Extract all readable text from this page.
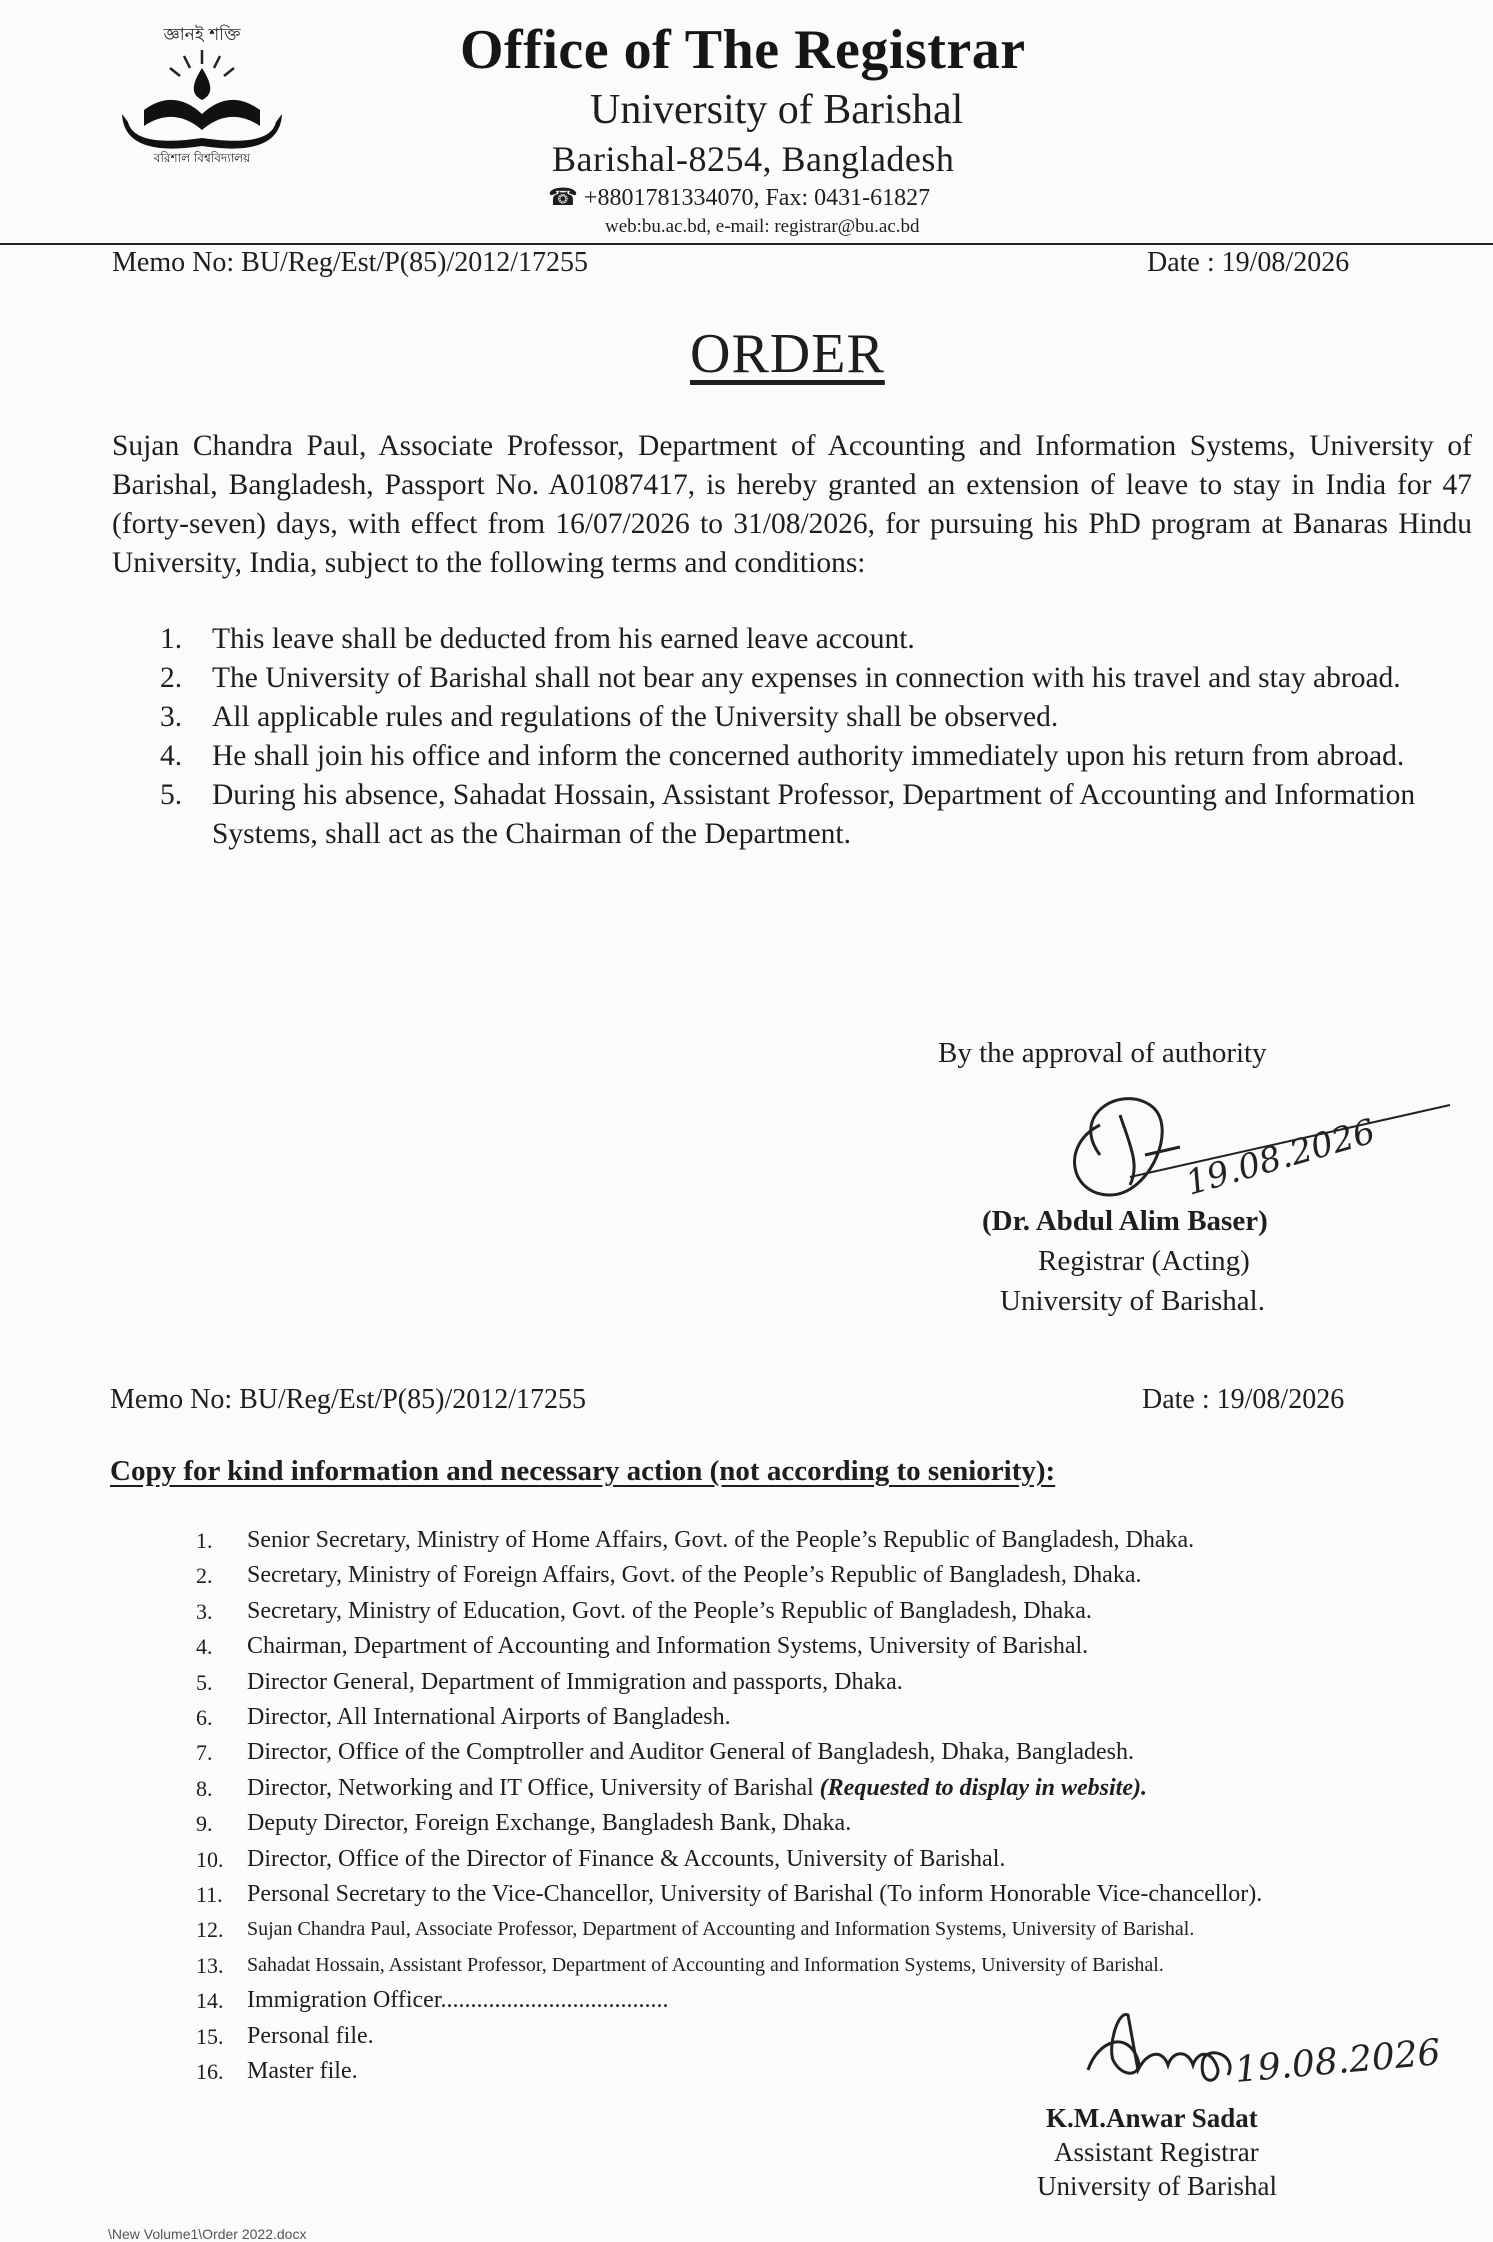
জ্ঞানই শক্তি
বরিশাল বিশ্ববিদ্যালয়
Office of The Registrar
University of Barishal
Barishal-8254, Bangladesh
☎ +8801781334070, Fax: 0431-61827
web:bu.ac.bd, e-mail: registrar@bu.ac.bd
Memo No: BU/Reg/Est/P(85)/2012/17255	Date : 19/08/2026
ORDER
Sujan Chandra Paul, Associate Professor, Department of Accounting and Information Systems, University of Barishal, Bangladesh, Passport No. A01087417, is hereby granted an extension of leave to stay in India for 47 (forty-seven) days, with effect from 16/07/2026 to 31/08/2026, for pursuing his PhD program at Banaras Hindu University, India, subject to the following terms and conditions:
1. This leave shall be deducted from his earned leave account.
2. The University of Barishal shall not bear any expenses in connection with his travel and stay abroad.
3. All applicable rules and regulations of the University shall be observed.
4. He shall join his office and inform the concerned authority immediately upon his return from abroad.
5. During his absence, Sahadat Hossain, Assistant Professor, Department of Accounting and Information Systems, shall act as the Chairman of the Department.
By the approval of authority
19.08.2026
(Dr. Abdul Alim Baser)
Registrar (Acting)
University of Barishal.
Memo No: BU/Reg/Est/P(85)/2012/17255	Date : 19/08/2026
Copy for kind information and necessary action (not according to seniority):
1. Senior Secretary, Ministry of Home Affairs, Govt. of the People’s Republic of Bangladesh, Dhaka.
2. Secretary, Ministry of Foreign Affairs, Govt. of the People’s Republic of Bangladesh, Dhaka.
3. Secretary, Ministry of Education, Govt. of the People’s Republic of Bangladesh, Dhaka.
4. Chairman, Department of Accounting and Information Systems, University of Barishal.
5. Director General, Department of Immigration and passports, Dhaka.
6. Director, All International Airports of Bangladesh.
7. Director, Office of the Comptroller and Auditor General of Bangladesh, Dhaka, Bangladesh.
8. Director, Networking and IT Office, University of Barishal (Requested to display in website).
9. Deputy Director, Foreign Exchange, Bangladesh Bank, Dhaka.
10. Director, Office of the Director of Finance & Accounts, University of Barishal.
11. Personal Secretary to the Vice-Chancellor, University of Barishal (To inform Honorable Vice-chancellor).
12. Sujan Chandra Paul, Associate Professor, Department of Accounting and Information Systems, University of Barishal.
13. Sahadat Hossain, Assistant Professor, Department of Accounting and Information Systems, University of Barishal.
14. Immigration Officer......................................
15. Personal file.
16. Master file.	19.08.2026
K.M.Anwar Sadat
Assistant Registrar
University of Barishal
\New Volume1\Order 2022.docx
